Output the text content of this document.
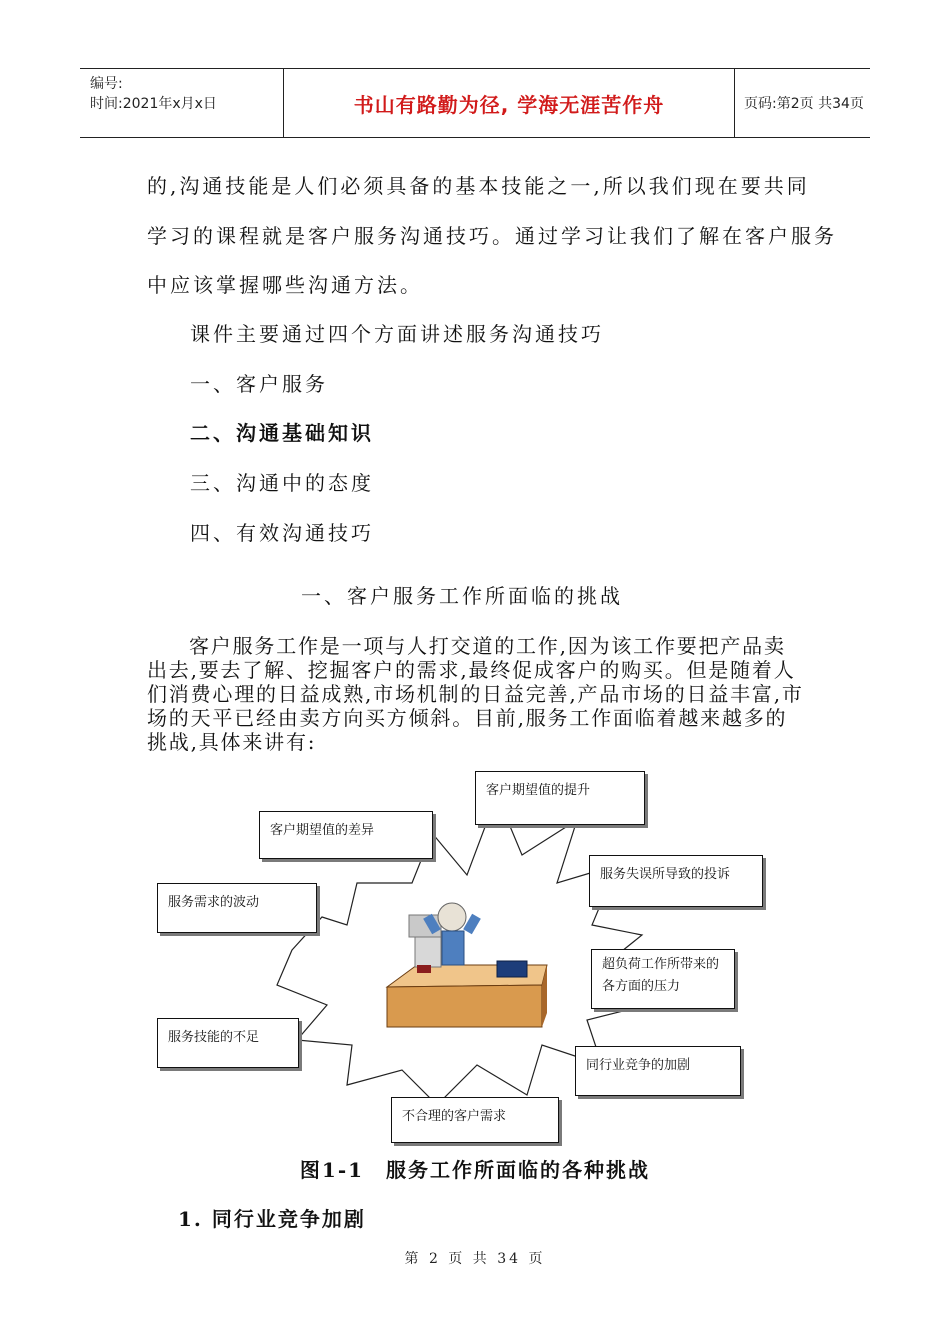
编号:
时间:2021年x月x日	书山有路勤为径, 学海无涯苦作舟	页码:第2页 共34页
的,沟通技能是人们必须具备的基本技能之一,所以我们现在要共同
学习的课程就是客户服务沟通技巧。通过学习让我们了解在客户服务
中应该掌握哪些沟通方法。
课件主要通过四个方面讲述服务沟通技巧
一、客户服务
二、沟通基础知识
三、沟通中的态度
四、有效沟通技巧
一、客户服务工作所面临的挑战
客户服务工作是一项与人打交道的工作,因为该工作要把产品卖出去,要去了解、挖掘客户的需求,最终促成客户的购买。但是随着人们消费心理的日益成熟,市场机制的日益完善,产品市场的日益丰富,市场的天平已经由卖方向买方倾斜。目前,服务工作面临着越来越多的挑战,具体来讲有:
客户期望值的提升
客户期望值的差异
服务失误所导致的投诉
服务需求的波动
超负荷工作所带来的各方面的压力
服务技能的不足
同行业竞争的加剧
不合理的客户需求
图1-1　服务工作所面临的各种挑战
1. 同行业竞争加剧
第 2 页 共 34 页
